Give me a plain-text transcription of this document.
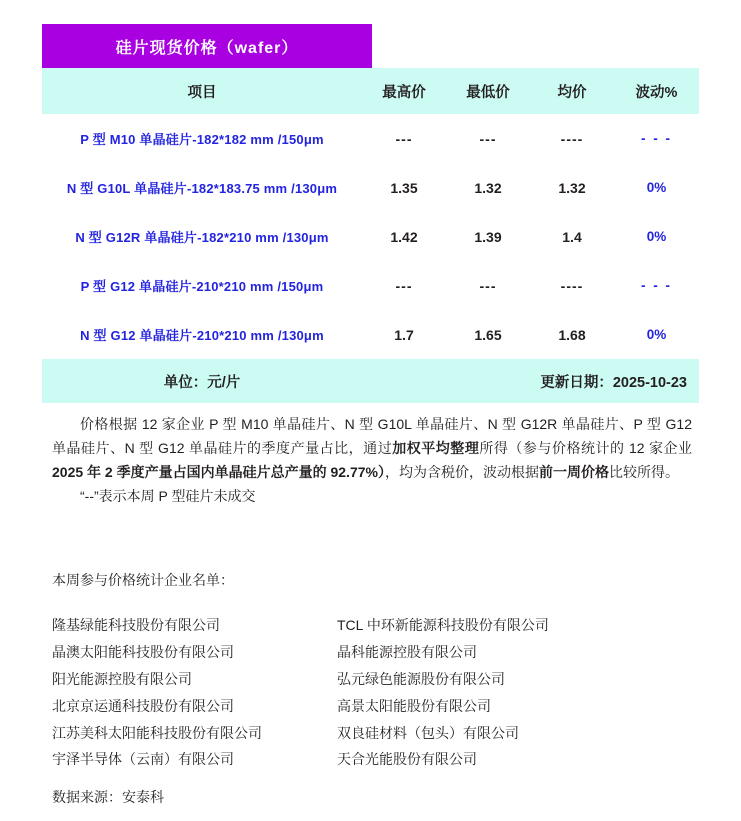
硅片现货价格（wafer）
项目	最高价	最低价	均价	波动%
P 型 M10 单晶硅片-182*182 mm /150μm	---	---	----	- - -
N 型 G10L 单晶硅片-182*183.75 mm /130μm	1.35	1.32	1.32	0%
N 型 G12R 单晶硅片-182*210 mm /130μm	1.42	1.39	1.4	0%
P 型 G12 单晶硅片-210*210 mm /150μm	---	---	----	- - -
N 型 G12 单晶硅片-210*210 mm /130μm	1.7	1.65	1.68	0%
单位：元/片	更新日期：2025-10-23			

价格根据 12 家企业 P 型 M10 单晶硅片、N 型 G10L 单晶硅片、N 型 G12R 单晶硅片、P 型 G12 单晶硅片、N 型 G12 单晶硅片的季度产量占比，通过加权平均整理所得（参与价格统计的 12 家企业 2025 年 2 季度产量占国内单晶硅片总产量的 92.77%），均为含税价，波动根据前一周价格比较所得。

“--”表示本周 P 型硅片未成交

本周参与价格统计企业名单：
隆基绿能科技股份有限公司
晶澳太阳能科技股份有限公司
阳光能源控股有限公司
北京京运通科技股份有限公司
江苏美科太阳能科技股份有限公司
宇泽半导体（云南）有限公司
TCL 中环新能源科技股份有限公司
晶科能源控股有限公司
弘元绿色能源股份有限公司
高景太阳能股份有限公司
双良硅材料（包头）有限公司
天合光能股份有限公司
数据来源：安泰科
